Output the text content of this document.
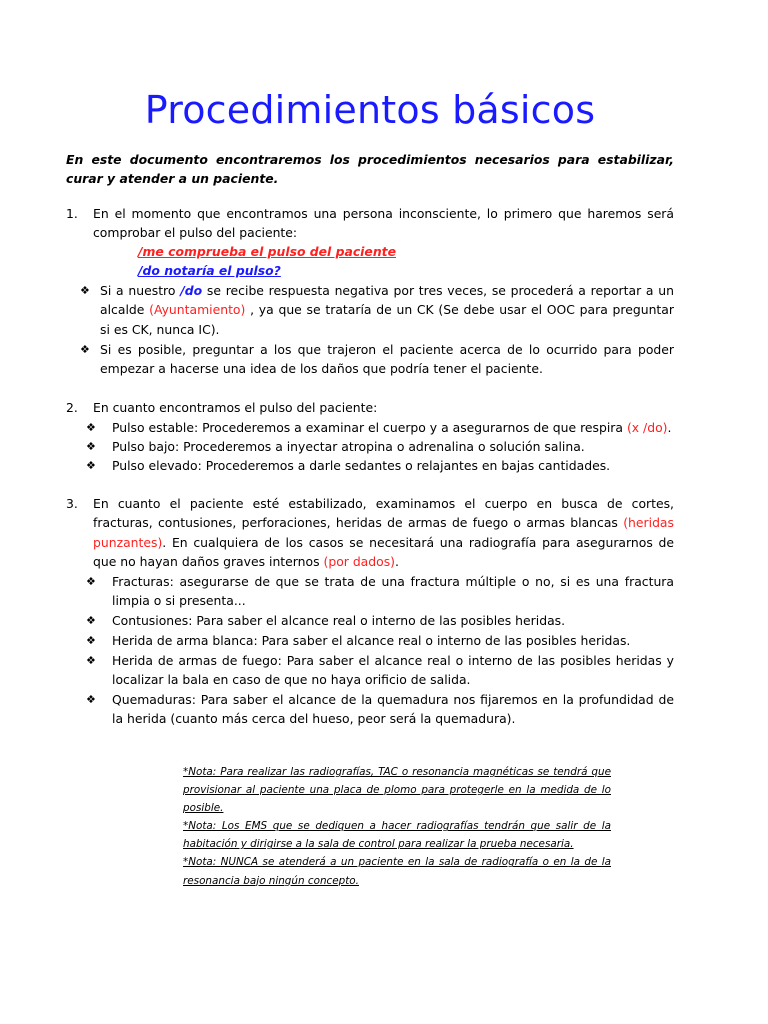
Procedimientos básicos
En este documento encontraremos los procedimientos necesarios para estabilizar, curar y atender a un paciente.
1. En el momento que encontramos una persona inconsciente, lo primero que haremos será comprobar el pulso del paciente:
/me comprueba el pulso del paciente
/do notaría el pulso?
❖ Si a nuestro /do se recibe respuesta negativa por tres veces, se procederá a reportar a un alcalde (Ayuntamiento) , ya que se trataría de un CK (Se debe usar el OOC para preguntar si es CK, nunca IC).
❖ Si es posible, preguntar a los que trajeron el paciente acerca de lo ocurrido para poder empezar a hacerse una idea de los daños que podría tener el paciente.
2. En cuanto encontramos el pulso del paciente:
❖ Pulso estable: Procederemos a examinar el cuerpo y a asegurarnos de que respira (x /do).
❖ Pulso bajo: Procederemos a inyectar atropina o adrenalina o solución salina.
❖ Pulso elevado: Procederemos a darle sedantes o relajantes en bajas cantidades.
3. En cuanto el paciente esté estabilizado, examinamos el cuerpo en busca de cortes, fracturas, contusiones, perforaciones, heridas de armas de fuego o armas blancas (heridas punzantes). En cualquiera de los casos se necesitará una radiografía para asegurarnos de que no hayan daños graves internos (por dados).
❖ Fracturas: asegurarse de que se trata de una fractura múltiple o no, si es una fractura limpia o si presenta...
❖ Contusiones: Para saber el alcance real o interno de las posibles heridas.
❖ Herida de arma blanca: Para saber el alcance real o interno de las posibles heridas.
❖ Herida de armas de fuego: Para saber el alcance real o interno de las posibles heridas y localizar la bala en caso de que no haya orificio de salida.
❖ Quemaduras: Para saber el alcance de la quemadura nos fijaremos en la profundidad de la herida (cuanto más cerca del hueso, peor será la quemadura).

*Nota: Para realizar las radiografías, TAC o resonancia magnéticas se tendrá que provisionar al paciente una placa de plomo para protegerle en la medida de lo posible.

*Nota: Los EMS que se dediquen a hacer radiografías tendrán que salir de la habitación y dirigirse a la sala de control para realizar la prueba necesaria.

*Nota: NUNCA se atenderá a un paciente en la sala de radiografía o en la de la resonancia bajo ningún concepto.
